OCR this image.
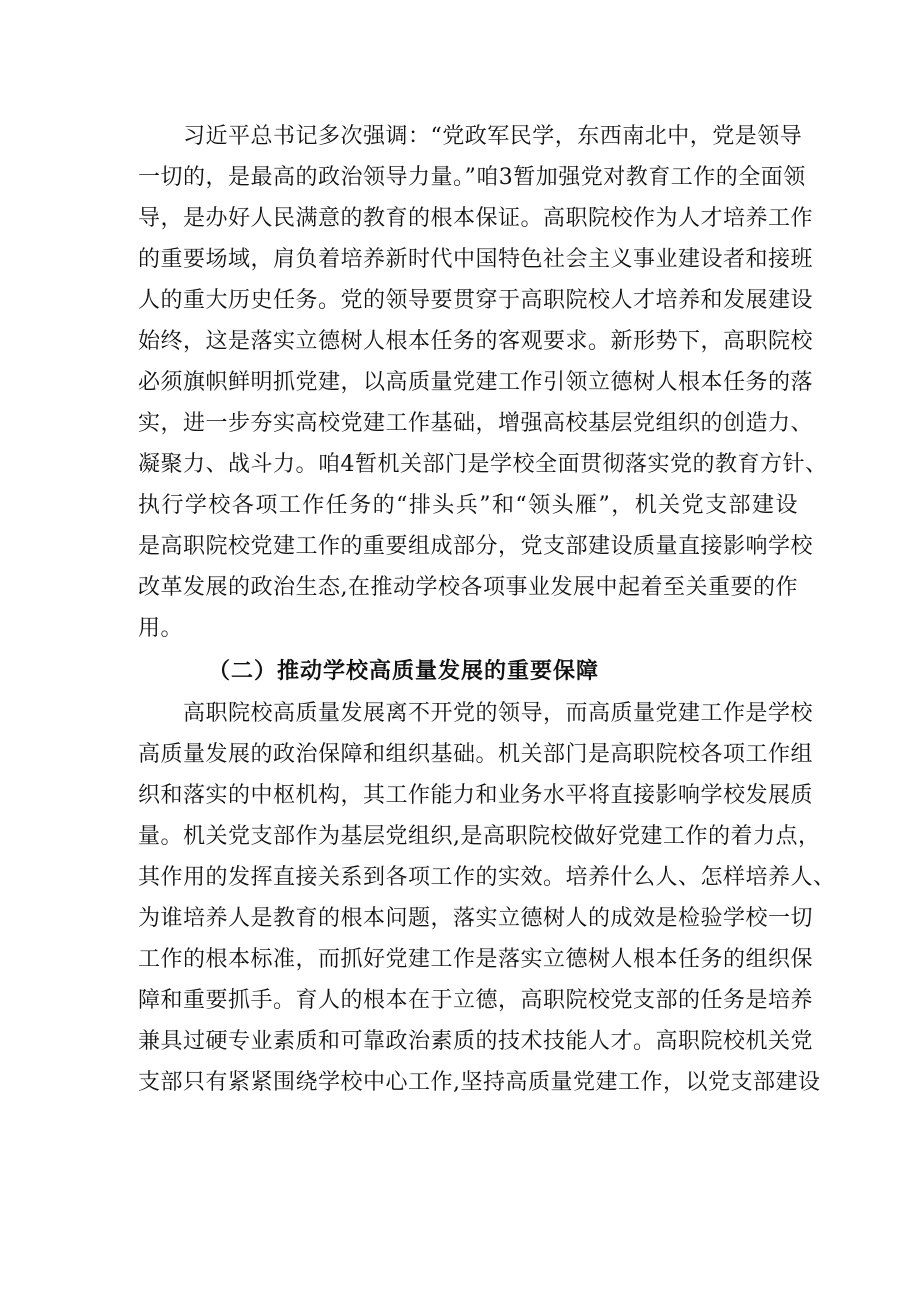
习近平总书记多次强调：“党政军民学，东西南北中，党是领导
一切的，是最高的政治领导力量。”咱3暂加强党对教育工作的全面领
导，是办好人民满意的教育的根本保证。高职院校作为人才培养工作
的重要场域，肩负着培养新时代中国特色社会主义事业建设者和接班
人的重大历史任务。党的领导要贯穿于高职院校人才培养和发展建设
始终，这是落实立德树人根本任务的客观要求。新形势下，高职院校
必须旗帜鲜明抓党建，以高质量党建工作引领立德树人根本任务的落
实，进一步夯实高校党建工作基础，增强高校基层党组织的创造力、
凝聚力、战斗力。咱4暂机关部门是学校全面贯彻落实党的教育方针、
执行学校各项工作任务的“排头兵”和“领头雁”，机关党支部建设
是高职院校党建工作的重要组成部分，党支部建设质量直接影响学校
改革发展的政治生态,在推动学校各项事业发展中起着至关重要的作
用。
（二）推动学校高质量发展的重要保障
高职院校高质量发展离不开党的领导，而高质量党建工作是学校
高质量发展的政治保障和组织基础。机关部门是高职院校各项工作组
织和落实的中枢机构，其工作能力和业务水平将直接影响学校发展质
量。机关党支部作为基层党组织,是高职院校做好党建工作的着力点，
其作用的发挥直接关系到各项工作的实效。培养什么人、怎样培养人、
为谁培养人是教育的根本问题，落实立德树人的成效是检验学校一切
工作的根本标准，而抓好党建工作是落实立德树人根本任务的组织保
障和重要抓手。育人的根本在于立德，高职院校党支部的任务是培养
兼具过硬专业素质和可靠政治素质的技术技能人才。高职院校机关党
支部只有紧紧围绕学校中心工作,坚持高质量党建工作，以党支部建设
